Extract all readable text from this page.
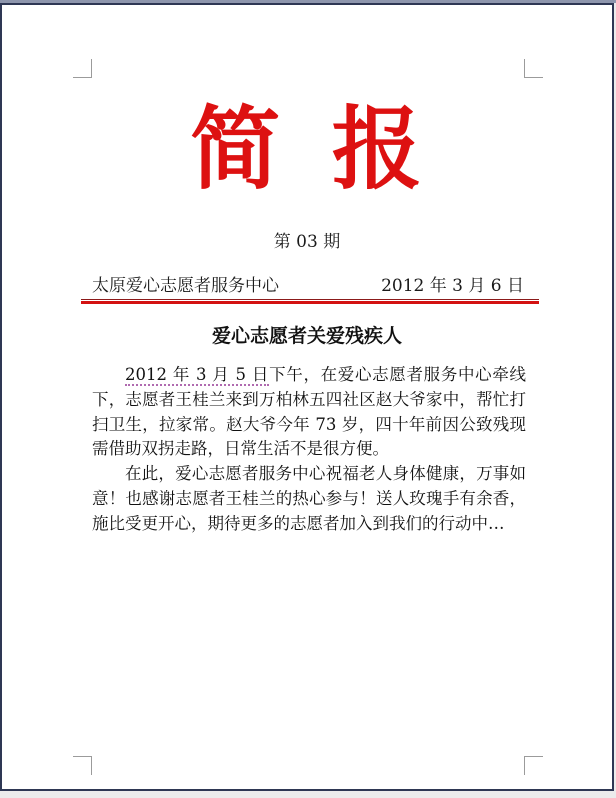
简 报
第 03 期
太原爱心志愿者服务中心	2012 年 3 月 6 日
爱心志愿者关爱残疾人

2012 年 3 月 5 日下午，在爱心志愿者服务中心牵线下，志愿者王桂兰来到万柏林五四社区赵大爷家中，帮忙打扫卫生，拉家常。赵大爷今年 73 岁，四十年前因公致残现需借助双拐走路，日常生活不是很方便。

在此，爱心志愿者服务中心祝福老人身体健康，万事如意！也感谢志愿者王桂兰的热心参与！送人玫瑰手有余香，施比受更开心，期待更多的志愿者加入到我们的行动中…
